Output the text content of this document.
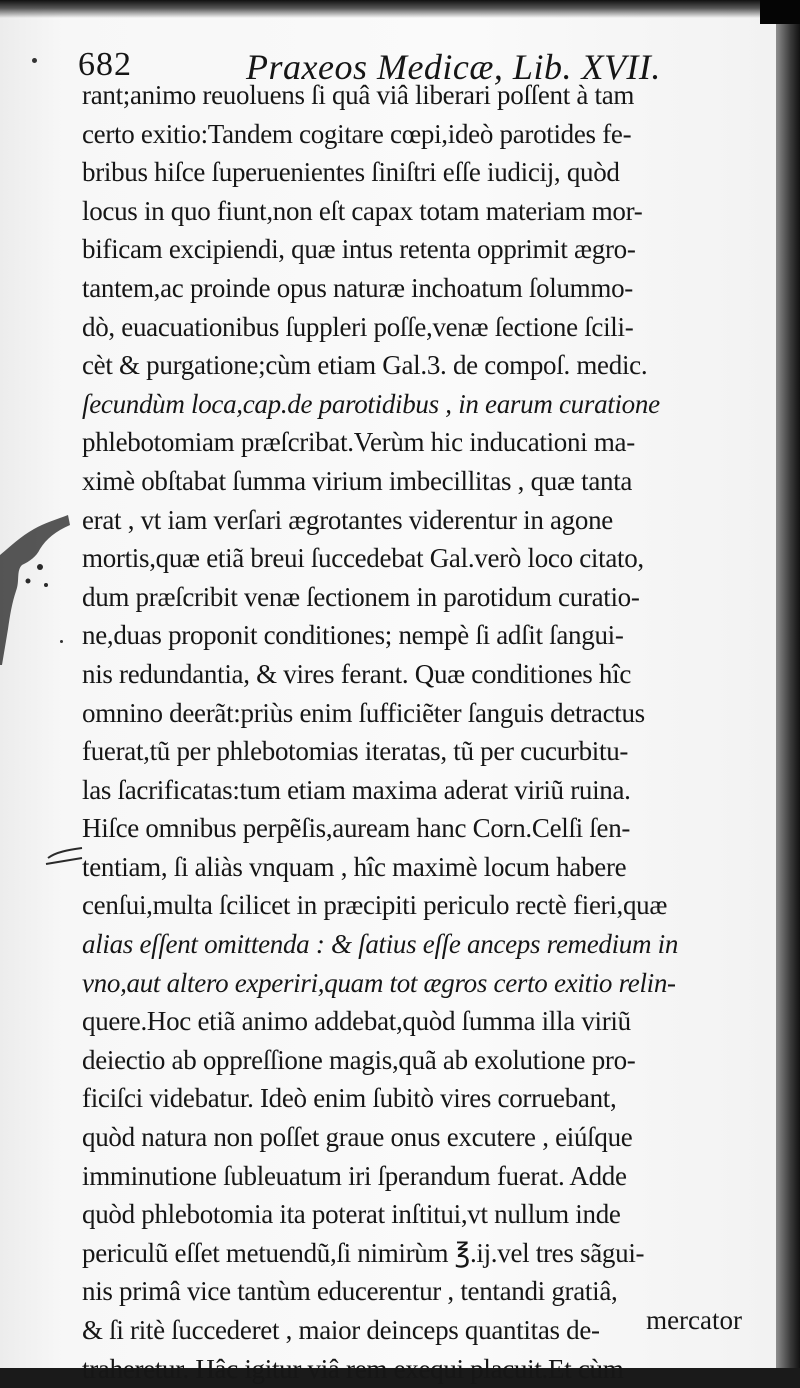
682	Praxeos Medicæ, Lib. XVII.
rant;animo reuoluens ſi quâ viâ liberari poſſent à tam
certo exitio:Tandem cogitare cœpi,ideò parotides fe-
bribus hiſce ſuperuenientes ſiniſtri eſſe iudicij, quòd
locus in quo fiunt,non eſt capax totam materiam mor-
bificam excipiendi, quæ intus retenta opprimit ægro-
tantem,ac proinde opus naturæ inchoatum ſolummo-
dò, euacuationibus ſuppleri poſſe,venæ ſectione ſcili-
cèt & purgatione;cùm etiam Gal.3. de compoſ. medic.
ſecundùm loca,cap.de parotidibus , in earum curatione
phlebotomiam præſcribat.Verùm hic inducationi ma-
ximè obſtabat ſumma virium imbecillitas , quæ tanta
erat , vt iam verſari ægrotantes viderentur in agone
mortis,quæ etiã breui ſuccedebat Gal.verò loco citato,
dum præſcribit venæ ſectionem in parotidum curatio-
ne,duas proponit conditiones; nempè ſi adſit ſangui-
nis redundantia, & vires ferant. Quæ conditiones hîc
omnino deerãt:priùs enim ſufficiẽter ſanguis detractus
fuerat,tũ per phlebotomias iteratas, tũ per cucurbitu-
las ſacrificatas:tum etiam maxima aderat viriũ ruina.
Hiſce omnibus perpẽſis,auream hanc Corn.Celſi ſen-
tentiam, ſi aliàs vnquam , hîc maximè locum habere
cenſui,multa ſcilicet in præcipiti periculo rectè fieri,quæ
alias eſſent omittenda : & ſatius eſſe anceps remedium in
vno,aut altero experiri,quam tot ægros certo exitio relin-
quere.Hoc etiã animo addebat,quòd ſumma illa viriũ
deiectio ab oppreſſione magis,quã ab exolutione pro-
ficiſci videbatur. Ideò enim ſubitò vires corruebant,
quòd natura non poſſet graue onus excutere , eiúſque
imminutione ſubleuatum iri ſperandum fuerat. Adde
quòd phlebotomia ita poterat inſtitui,vt nullum inde
periculũ eſſet metuendũ,ſi nimirùm ℥.ij.vel tres sãgui-
nis primâ vice tantùm educerentur , tentandi gratiâ,
& ſi ritè ſuccederet , maior deinceps quantitas de-
traheretur. Hâc igitur viâ rem exequi placuit.Et cùm
mercator
